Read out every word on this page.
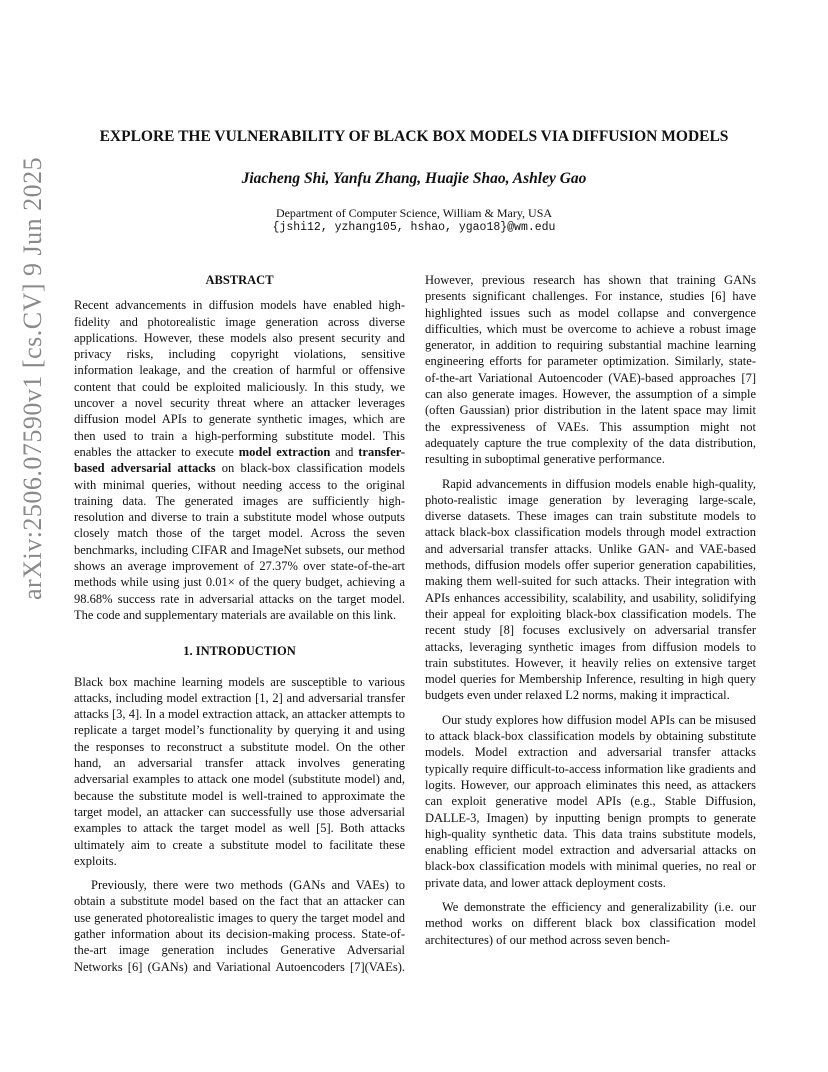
arXiv:2506.07590v1 [cs.CV] 9 Jun 2025
EXPLORE THE VULNERABILITY OF BLACK BOX MODELS VIA DIFFUSION MODELS
Jiacheng Shi, Yanfu Zhang, Huajie Shao, Ashley Gao
Department of Computer Science, William & Mary, USA
{jshi12, yzhang105, hshao, ygao18}@wm.edu
ABSTRACT

Recent advancements in diffusion models have enabled high-fidelity and photorealistic image generation across diverse applications. However, these models also present security and privacy risks, including copyright violations, sensitive information leakage, and the creation of harmful or offensive content that could be exploited maliciously. In this study, we uncover a novel security threat where an attacker leverages diffusion model APIs to generate synthetic images, which are then used to train a high-performing substitute model. This enables the attacker to execute model extraction and transfer-based adversarial attacks on black-box classification models with minimal queries, without needing access to the original training data. The generated images are sufficiently high-resolution and diverse to train a substitute model whose outputs closely match those of the target model. Across the seven benchmarks, including CIFAR and ImageNet subsets, our method shows an average improvement of 27.37% over state-of-the-art methods while using just 0.01× of the query budget, achieving a 98.68% success rate in adversarial attacks on the target model. The code and supplementary materials are available on this link.

1. INTRODUCTION

Black box machine learning models are susceptible to various attacks, including model extraction [1, 2] and adversarial transfer attacks [3, 4]. In a model extraction attack, an attacker attempts to replicate a target model’s functionality by querying it and using the responses to reconstruct a substitute model. On the other hand, an adversarial transfer attack involves generating adversarial examples to attack one model (substitute model) and, because the substitute model is well-trained to approximate the target model, an attacker can successfully use those adversarial examples to attack the target model as well [5]. Both attacks ultimately aim to create a substitute model to facilitate these exploits.

Previously, there were two methods (GANs and VAEs) to obtain a substitute model based on the fact that an attacker can use generated photorealistic images to query the target model and gather information about its decision-making process. State-of-the-art image generation includes Generative Adversarial Networks [6] (GANs) and Variational Autoencoders [7](VAEs).

However, previous research has shown that training GANs presents significant challenges. For instance, studies [6] have highlighted issues such as model collapse and convergence difficulties, which must be overcome to achieve a robust image generator, in addition to requiring substantial machine learning engineering efforts for parameter optimization. Similarly, state-of-the-art Variational Autoencoder (VAE)-based approaches [7] can also generate images. However, the assumption of a simple (often Gaussian) prior distribution in the latent space may limit the expressiveness of VAEs. This assumption might not adequately capture the true complexity of the data distribution, resulting in suboptimal generative performance.

Rapid advancements in diffusion models enable high-quality, photo-realistic image generation by leveraging large-scale, diverse datasets. These images can train substitute models to attack black-box classification models through model extraction and adversarial transfer attacks. Unlike GAN- and VAE-based methods, diffusion models offer superior generation capabilities, making them well-suited for such attacks. Their integration with APIs enhances accessibility, scalability, and usability, solidifying their appeal for exploiting black-box classification models. The recent study [8] focuses exclusively on adversarial transfer attacks, leveraging synthetic images from diffusion models to train substitutes. However, it heavily relies on extensive target model queries for Membership Inference, resulting in high query budgets even under relaxed L2 norms, making it impractical.

Our study explores how diffusion model APIs can be misused to attack black-box classification models by obtaining substitute models. Model extraction and adversarial transfer attacks typically require difficult-to-access information like gradients and logits. However, our approach eliminates this need, as attackers can exploit generative model APIs (e.g., Stable Diffusion, DALLE-3, Imagen) by inputting benign prompts to generate high-quality synthetic data. This data trains substitute models, enabling efficient model extraction and adversarial attacks on black-box classification models with minimal queries, no real or private data, and lower attack deployment costs.

We demonstrate the efficiency and generalizability (i.e. our method works on different black box classification model architectures) of our method across seven bench-
